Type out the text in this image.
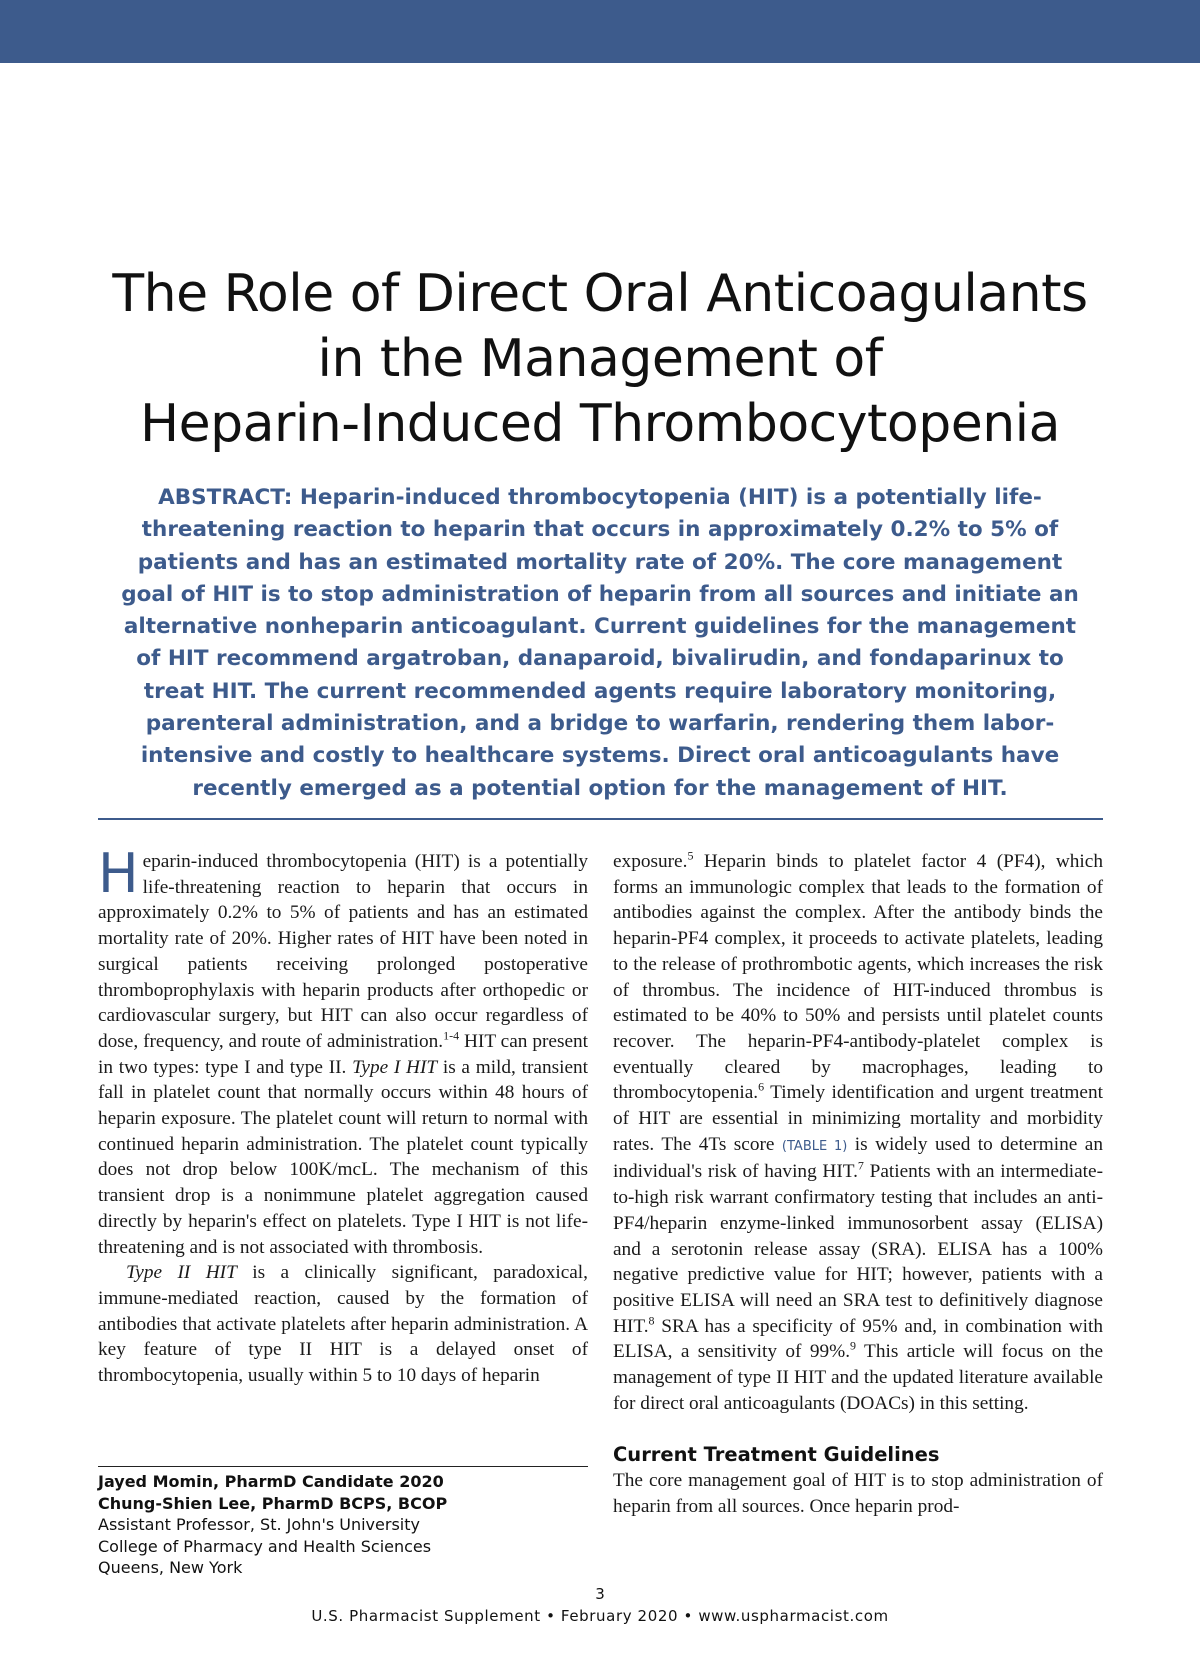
The Role of Direct Oral Anticoagulants
in the Management of
Heparin-Induced Thrombocytopenia

ABSTRACT: Heparin-induced thrombocytopenia (HIT) is a potentially life-threatening reaction to heparin that occurs in approximately 0.2% to 5% of patients and has an estimated mortality rate of 20%. The core management goal of HIT is to stop administration of heparin from all sources and initiate an alternative nonheparin anticoagulant. Current guidelines for the management of HIT recommend argatroban, danaparoid, bivalirudin, and fondaparinux to treat HIT. The current recommended agents require laboratory monitoring, parenteral administration, and a bridge to warfarin, rendering them labor-intensive and costly to healthcare systems. Direct oral anticoagulants have recently emerged as a potential option for the management of HIT.

Heparin-induced thrombocytopenia (HIT) is a potentially life-threatening reaction to heparin that occurs in approximately 0.2% to 5% of patients and has an estimated mortality rate of 20%. Higher rates of HIT have been noted in surgical patients receiving prolonged postoperative thromboprophylaxis with heparin products after orthopedic or cardiovascular surgery, but HIT can also occur regardless of dose, frequency, and route of administration.$^{1-4}$ HIT can present in two types: type I and type II. Type I HIT is a mild, transient fall in platelet count that normally occurs within 48 hours of heparin exposure. The platelet count will return to normal with continued heparin administration. The platelet count typically does not drop below 100K/mcL. The mechanism of this transient drop is a nonimmune platelet aggregation caused directly by heparin's effect on platelets. Type I HIT is not life-threatening and is not associated with thrombosis.

Type II HIT is a clinically significant, paradoxical, immune-mediated reaction, caused by the formation of antibodies that activate platelets after heparin administration. A key feature of type II HIT is a delayed onset of thrombocytopenia, usually within 5 to 10 days of heparin

Jayed Momin, PharmD Candidate 2020
Chung-Shien Lee, PharmD BCPS, BCOP
Assistant Professor, St. John's University
College of Pharmacy and Health Sciences
Queens, New York

exposure.$^5$ Heparin binds to platelet factor 4 (PF4), which forms an immunologic complex that leads to the formation of antibodies against the complex. After the antibody binds the heparin-PF4 complex, it proceeds to activate platelets, leading to the release of prothrombotic agents, which increases the risk of thrombus. The incidence of HIT-induced thrombus is estimated to be 40% to 50% and persists until platelet counts recover. The heparin-PF4-antibody-platelet complex is eventually cleared by macrophages, leading to thrombocytopenia.$^6$ Timely identification and urgent treatment of HIT are essential in minimizing mortality and morbidity rates. The 4Ts score (TABLE 1) is widely used to determine an individual's risk of having HIT.$^7$ Patients with an intermediate-to-high risk warrant confirmatory testing that includes an anti-PF4/heparin enzyme-linked immunosorbent assay (ELISA) and a serotonin release assay (SRA). ELISA has a 100% negative predictive value for HIT; however, patients with a positive ELISA will need an SRA test to definitively diagnose HIT.$^8$ SRA has a specificity of 95% and, in combination with ELISA, a sensitivity of 99%.$^9$ This article will focus on the management of type II HIT and the updated literature available for direct oral anticoagulants (DOACs) in this setting.

Current Treatment Guidelines

The core management goal of HIT is to stop administration of heparin from all sources. Once heparin prod-

3
U.S. Pharmacist Supplement • February 2020 • www.uspharmacist.com
